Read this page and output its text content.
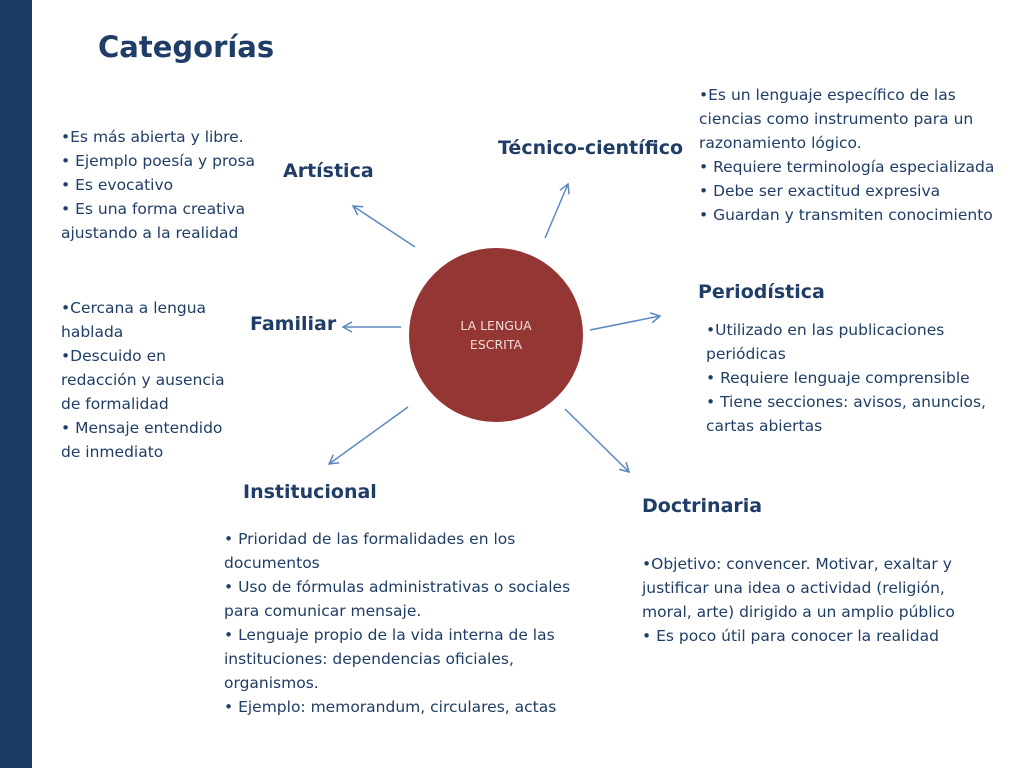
Categorías
LA LENGUA ESCRITA
Artística
Técnico-científico
Familiar
Periodística
Institucional
Doctrinaria
•Es más abierta y libre.
• Ejemplo poesía y prosa
• Es evocativo
• Es una forma creativa ajustando a la realidad
•Es un lenguaje específico de las ciencias como instrumento para un razonamiento lógico.
• Requiere terminología especializada
• Debe ser exactitud expresiva
• Guardan y transmiten conocimiento
•Cercana a lengua hablada
•Descuido en redacción y ausencia de formalidad
• Mensaje entendido de inmediato
•Utilizado en las publicaciones periódicas
• Requiere lenguaje comprensible
• Tiene secciones: avisos, anuncios, cartas abiertas
• Prioridad de las formalidades en los documentos
• Uso de fórmulas administrativas o sociales para comunicar mensaje.
• Lenguaje propio de la vida interna de las instituciones: dependencias oficiales, organismos.
• Ejemplo: memorandum, circulares, actas
•Objetivo: convencer. Motivar, exaltar y justificar una idea o actividad (religión, moral, arte) dirigido a un amplio público
• Es poco útil para conocer la realidad
